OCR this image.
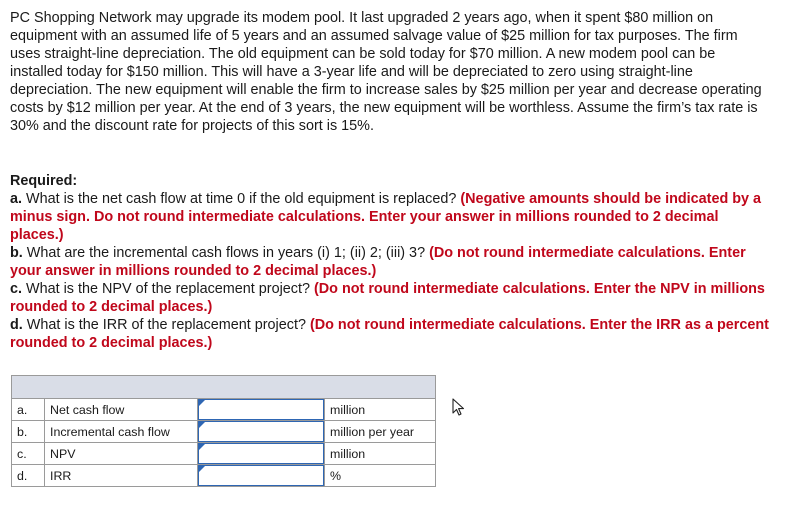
PC Shopping Network may upgrade its modem pool. It last upgraded 2 years ago, when it spent $80 million on equipment with an assumed life of 5 years and an assumed salvage value of $25 million for tax purposes. The firm uses straight-line depreciation. The old equipment can be sold today for $70 million. A new modem pool can be installed today for $150 million. This will have a 3-year life and will be depreciated to zero using straight-line depreciation. The new equipment will enable the firm to increase sales by $25 million per year and decrease operating costs by $12 million per year. At the end of 3 years, the new equipment will be worthless. Assume the firm’s tax rate is 30% and the discount rate for projects of this sort is 15%.

Required:

a. What is the net cash flow at time 0 if the old equipment is replaced? (Negative amounts should be indicated by a minus sign. Do not round intermediate calculations. Enter your answer in millions rounded to 2 decimal places.)

b. What are the incremental cash flows in years (i) 1; (ii) 2; (iii) 3? (Do not round intermediate calculations. Enter your answer in millions rounded to 2 decimal places.)

c. What is the NPV of the replacement project? (Do not round intermediate calculations. Enter the NPV in millions rounded to 2 decimal places.)

d. What is the IRR of the replacement project? (Do not round intermediate calculations. Enter the IRR as a percent rounded to 2 decimal places.)

a.	Net cash flow		million
b.	Incremental cash flow		million per year
c.	NPV		million
d.	IRR		%
